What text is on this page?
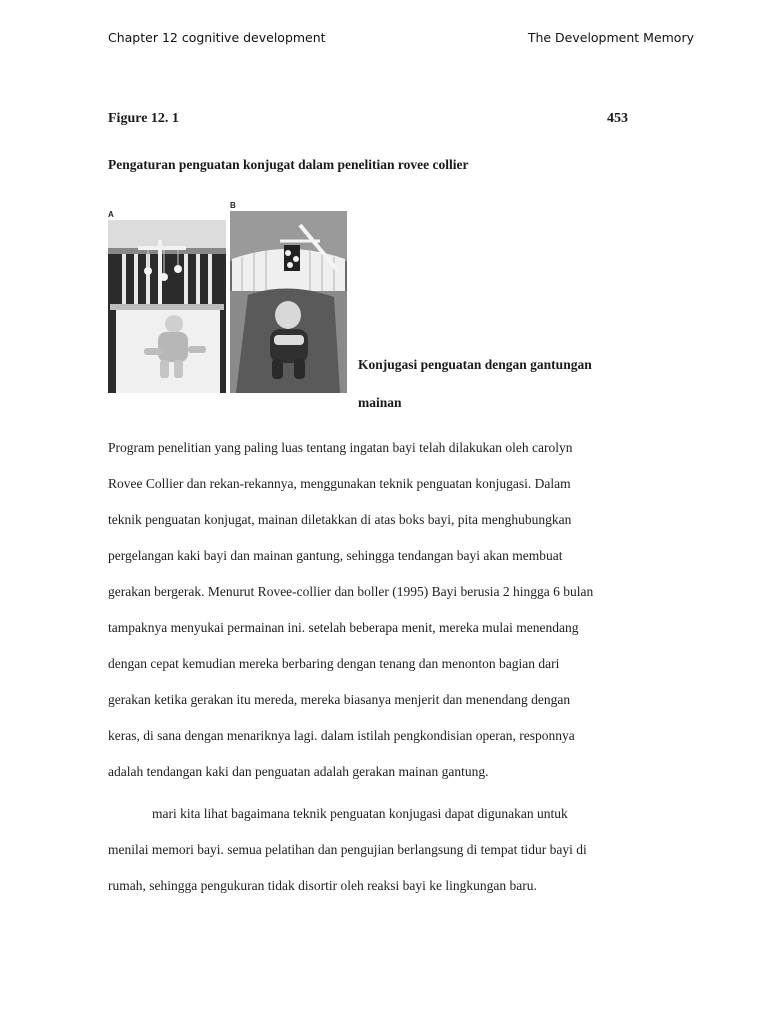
Chapter 12 cognitive development	The Development Memory
Figure 12. 1	453
Pengaturan penguatan konjugat dalam penelitian rovee collier
A
B
Konjugasi penguatan dengan gantungan
mainan
Program penelitian yang paling luas tentang ingatan bayi telah dilakukan oleh carolyn
Rovee Collier dan rekan-rekannya, menggunakan teknik penguatan konjugasi. Dalam
teknik penguatan konjugat, mainan diletakkan di atas boks bayi, pita menghubungkan
pergelangan kaki bayi dan mainan gantung, sehingga tendangan bayi akan membuat
gerakan bergerak. Menurut Rovee-collier dan boller (1995) Bayi berusia 2 hingga 6 bulan
tampaknya menyukai permainan ini. setelah beberapa menit, mereka mulai menendang
dengan cepat kemudian mereka berbaring dengan tenang dan menonton bagian dari
gerakan ketika gerakan itu mereda, mereka biasanya menjerit dan menendang dengan
keras, di sana dengan menariknya lagi. dalam istilah pengkondisian operan, responnya
adalah tendangan kaki dan penguatan adalah gerakan mainan gantung.
mari kita lihat bagaimana teknik penguatan konjugasi dapat digunakan untuk
menilai memori bayi. semua pelatihan dan pengujian berlangsung di tempat tidur bayi di
rumah, sehingga pengukuran tidak disortir oleh reaksi bayi ke lingkungan baru.
